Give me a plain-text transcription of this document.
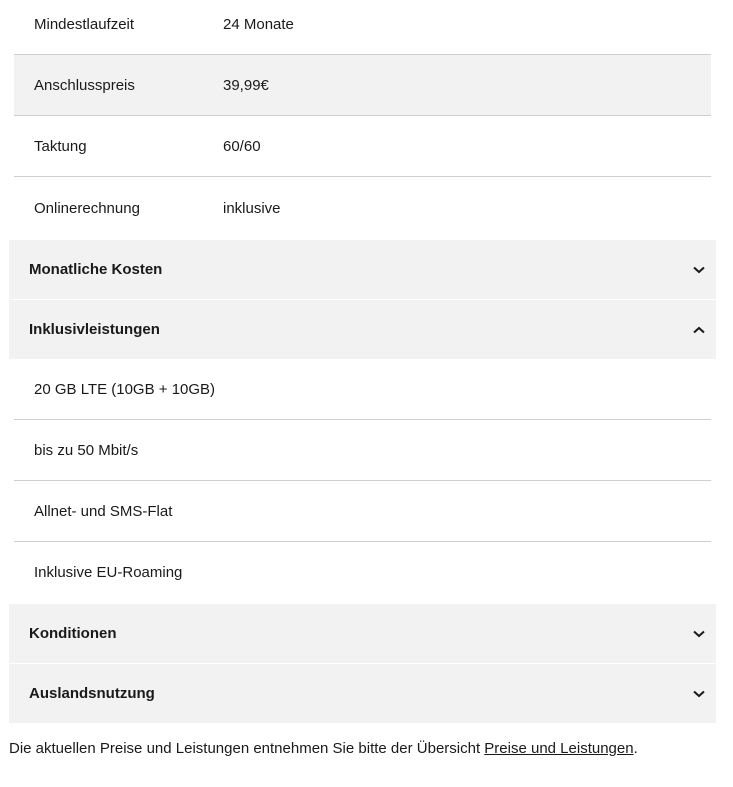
Mindestlaufzeit	24 Monate
Anschlusspreis	39,99€
Taktung	60/60
Onlinerechnung	inklusive
Monatliche Kosten
Inklusivleistungen
20 GB LTE (10GB + 10GB)
bis zu 50 Mbit/s
Allnet- und SMS-Flat
Inklusive EU-Roaming
Konditionen
Auslandsnutzung
Die aktuellen Preise und Leistungen entnehmen Sie bitte der Übersicht Preise und Leistungen.
